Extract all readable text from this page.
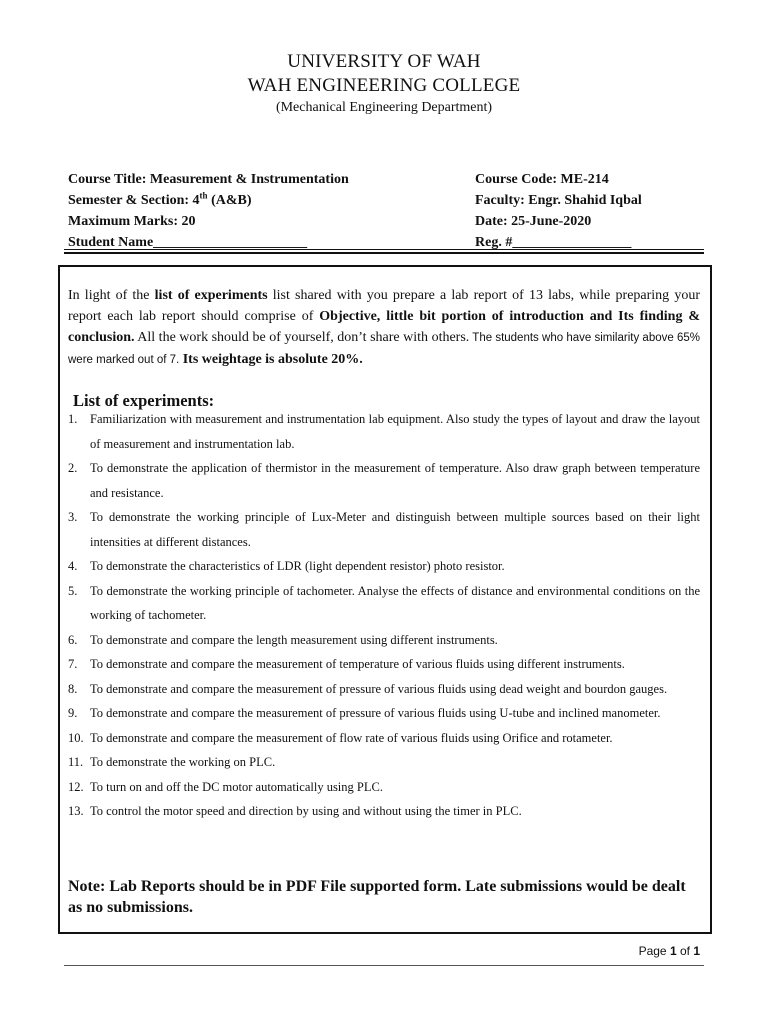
UNIVERSITY OF WAH
WAH ENGINEERING COLLEGE
(Mechanical Engineering Department)
Course Title: Measurement & Instrumentation	Course Code: ME-214
Semester & Section: 4th (A&B)	Faculty: Engr. Shahid Iqbal
Maximum Marks: 20	Date: 25-June-2020
Student Name______________________	Reg. #_________________
In light of the list of experiments list shared with you prepare a lab report of 13 labs, while preparing your report each lab report should comprise of Objective, little bit portion of introduction and Its finding & conclusion. All the work should be of yourself, don’t share with others. The students who have similarity above 65% were marked out of 7. Its weightage is absolute 20%.
List of experiments:
1.	Familiarization with measurement and instrumentation lab equipment. Also study the types of layout and draw the layout of measurement and instrumentation lab.
2.	To demonstrate the application of thermistor in the measurement of temperature. Also draw graph between temperature and resistance.
3.	To demonstrate the working principle of Lux-Meter and distinguish between multiple sources based on their light intensities at different distances.
4.	To demonstrate the characteristics of LDR (light dependent resistor) photo resistor.
5.	To demonstrate the working principle of tachometer. Analyse the effects of distance and environmental conditions on the working of tachometer.
6.	To demonstrate and compare the length measurement using different instruments.
7.	To demonstrate and compare the measurement of temperature of various fluids using different instruments.
8.	To demonstrate and compare the measurement of pressure of various fluids using dead weight and bourdon gauges.
9.	To demonstrate and compare the measurement of pressure of various fluids using U-tube and inclined manometer.
10. To demonstrate and compare the measurement of flow rate of various fluids using Orifice and rotameter.
11. To demonstrate the working on PLC.
12. To turn on and off the DC motor automatically using PLC.
13. To control the motor speed and direction by using and without using the timer in PLC.
Note: Lab Reports should be in PDF File supported form. Late submissions would be dealt as no submissions.
Page 1 of 1
